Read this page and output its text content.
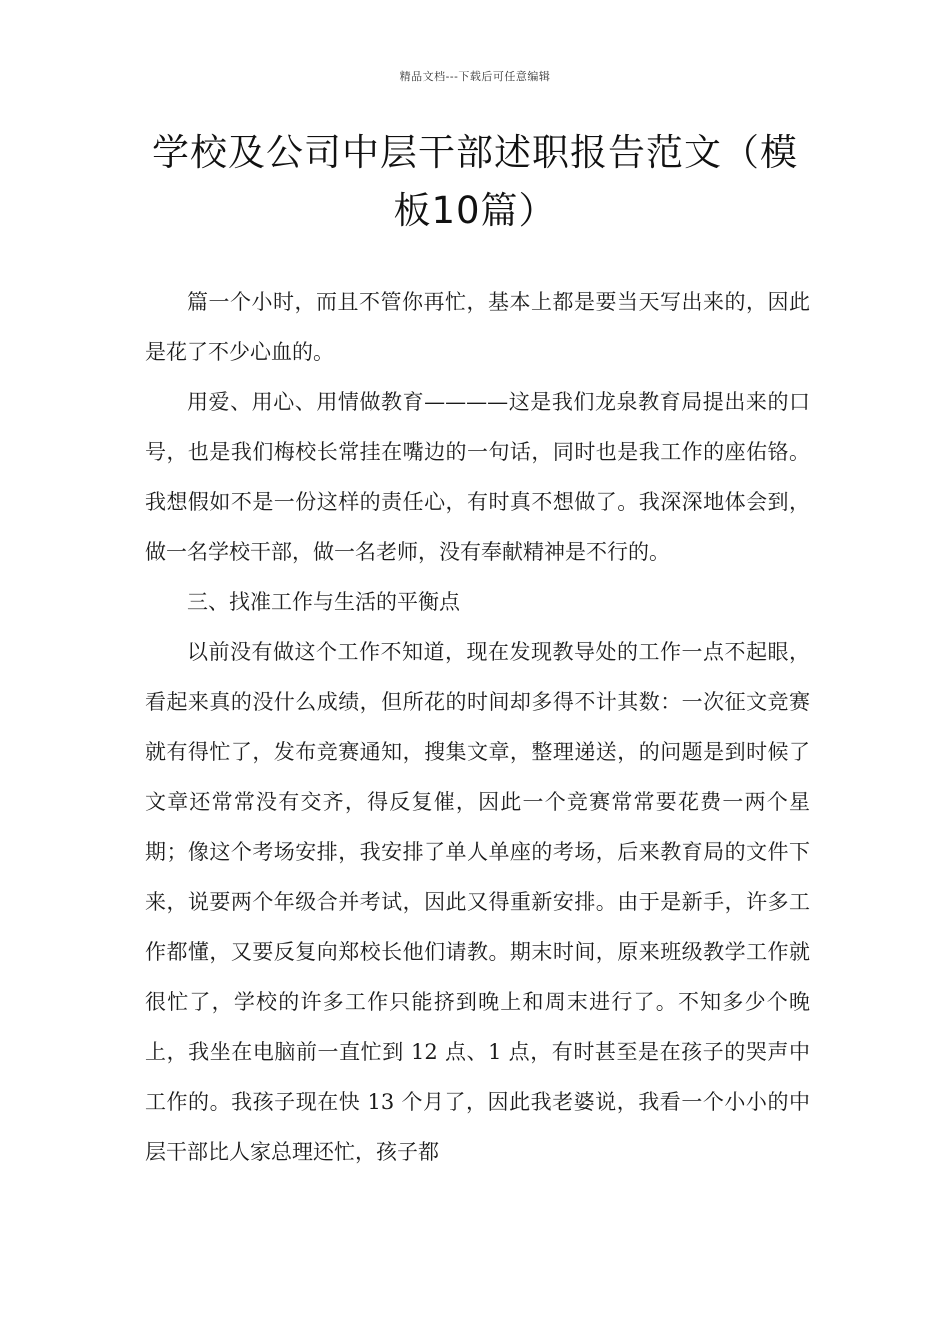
精品文档---下载后可任意编辑
学校及公司中层干部述职报告范文（模
板10篇）

篇一个小时，而且不管你再忙，基本上都是要当天写出来的，因此是花了不少心血的。

用爱、用心、用情做教育————这是我们龙泉教育局提出来的口号，也是我们梅校长常挂在嘴边的一句话，同时也是我工作的座佑铬。我想假如不是一份这样的责任心，有时真不想做了。我深深地体会到，做一名学校干部，做一名老师，没有奉献精神是不行的。

三、找准工作与生活的平衡点

以前没有做这个工作不知道，现在发现教导处的工作一点不起眼，看起来真的没什么成绩，但所花的时间却多得不计其数：一次征文竞赛就有得忙了，发布竞赛通知，搜集文章，整理递送，的问题是到时候了文章还常常没有交齐，得反复催，因此一个竞赛常常要花费一两个星期；像这个考场安排，我安排了单人单座的考场，后来教育局的文件下来，说要两个年级合并考试，因此又得重新安排。由于是新手，许多工作都懂，又要反复向郑校长他们请教。期末时间，原来班级教学工作就很忙了，学校的许多工作只能挤到晚上和周末进行了。不知多少个晚上，我坐在电脑前一直忙到 12 点、1 点，有时甚至是在孩子的哭声中工作的。我孩子现在快 13 个月了，因此我老婆说，我看一个小小的中层干部比人家总理还忙，孩子都
